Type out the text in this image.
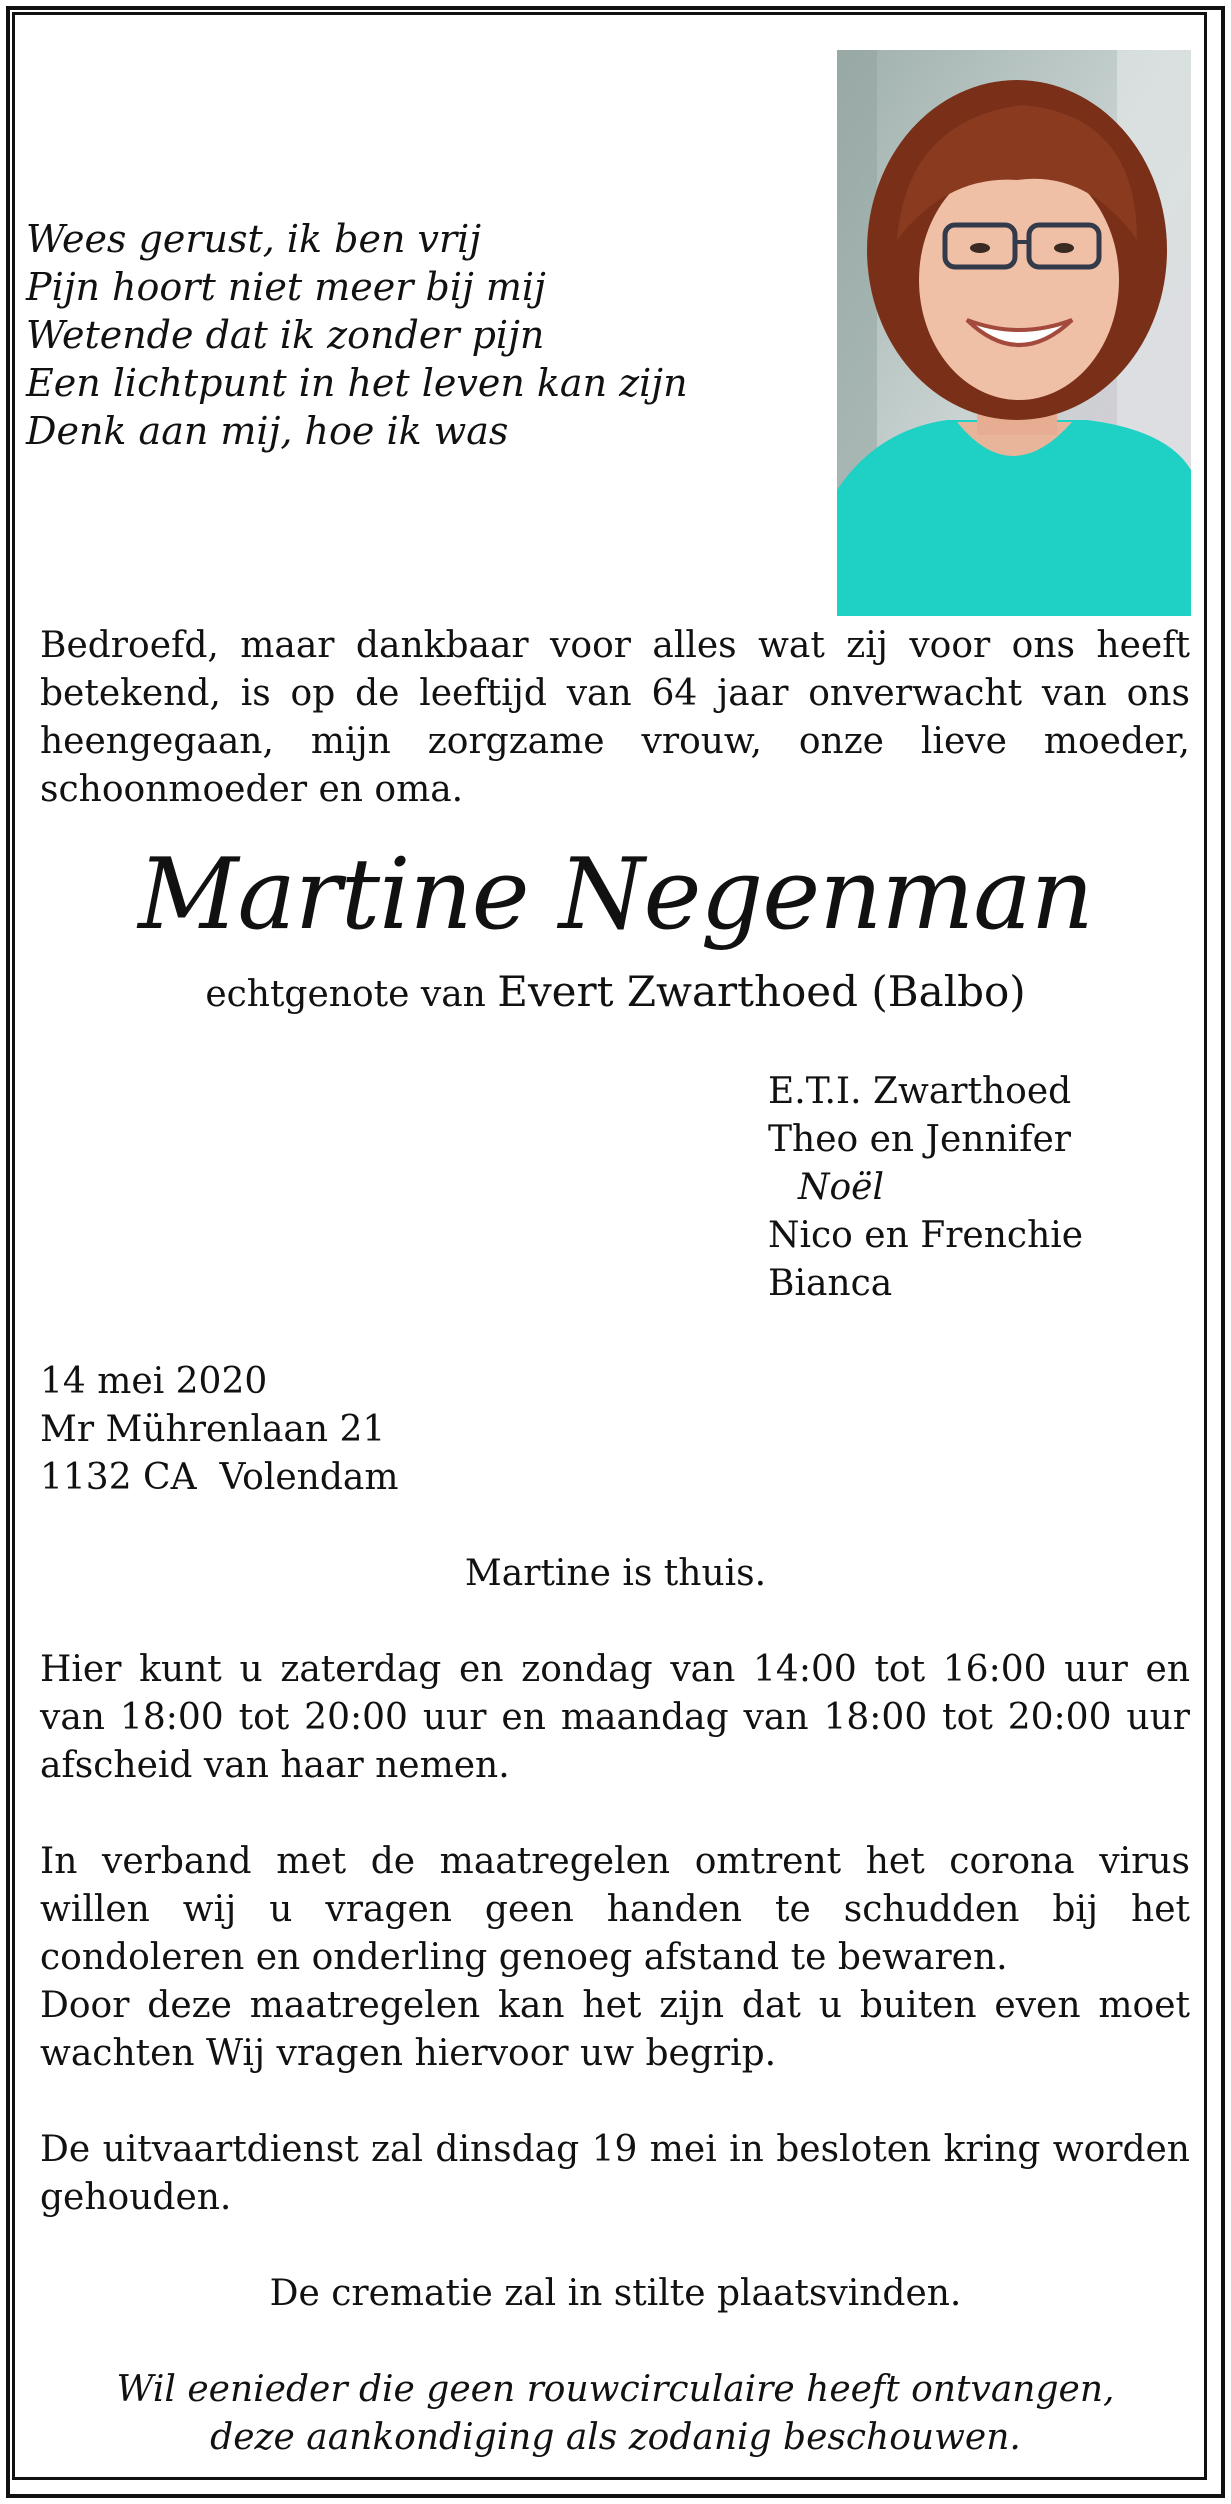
Wees gerust, ik ben vrij
Pijn hoort niet meer bij mij
Wetende dat ik zonder pijn
Een lichtpunt in het leven kan zijn
Denk aan mij, hoe ik was
Bedroefd, maar dankbaar voor alles wat zij voor ons heeft betekend, is op de leeftijd van 64 jaar onverwacht van ons heengegaan, mijn zorgzame vrouw, onze lieve moeder, schoonmoeder en oma.
Martine Negenman
echtgenote van Evert Zwarthoed (Balbo)
E.T.I. Zwarthoed
Theo en Jennifer
Noël
Nico en Frenchie
Bianca
14 mei 2020
Mr Mührenlaan 21
1132 CA  Volendam
Martine is thuis.
Hier kunt u zaterdag en zondag van 14:00 tot 16:00 uur en van 18:00 tot 20:00 uur en maandag van 18:00 tot 20:00 uur afscheid van haar nemen.
In verband met de maatregelen omtrent het corona virus willen wij u vragen geen handen te schudden bij het condoleren en onderling genoeg afstand te bewaren.
Door deze maatregelen kan het zijn dat u buiten even moet wachten Wij vragen hiervoor uw begrip.
De uitvaartdienst zal dinsdag 19 mei in besloten kring worden gehouden.
De crematie zal in stilte plaatsvinden.
Wil eenieder die geen rouwcirculaire heeft ontvangen,
deze aankondiging als zodanig beschouwen.
